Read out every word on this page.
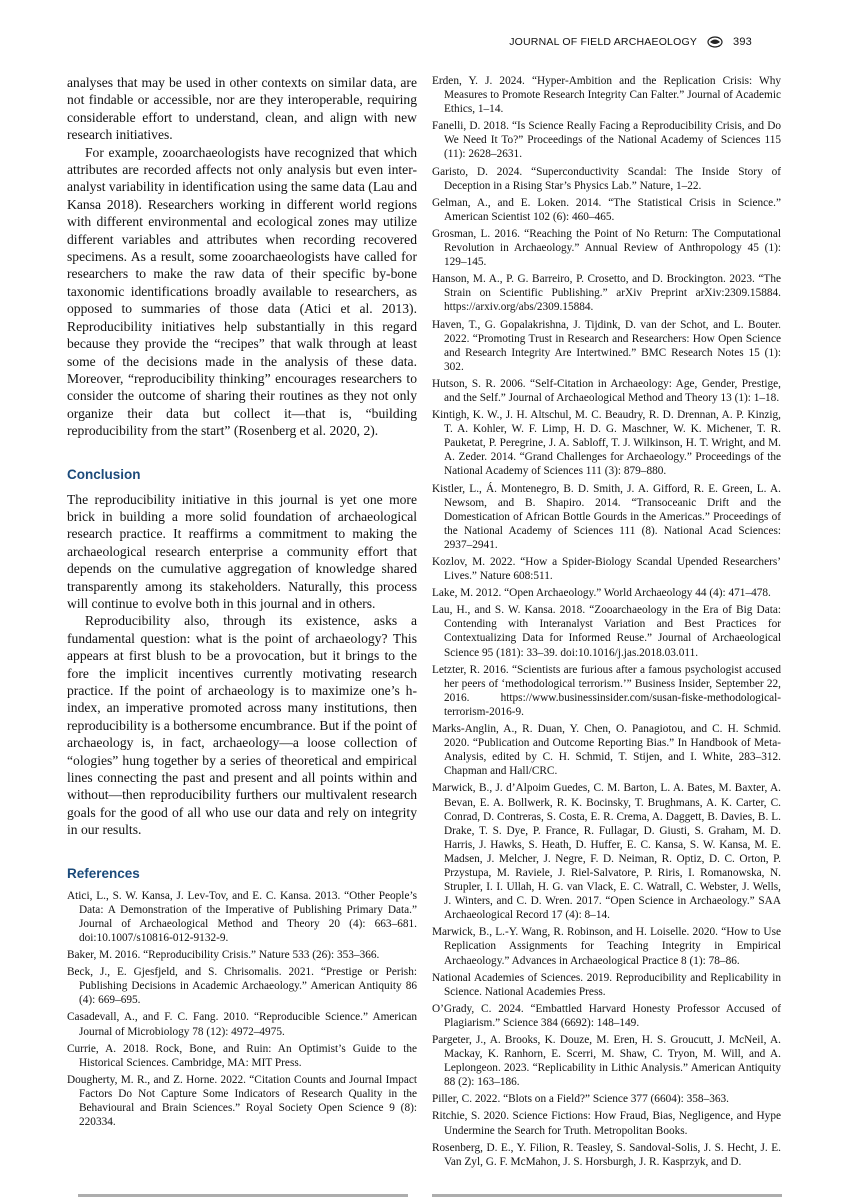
JOURNAL OF FIELD ARCHAEOLOGY	393

analyses that may be used in other contexts on similar data, are not findable or accessible, nor are they interoperable, requiring considerable effort to understand, clean, and align with new research initiatives.

For example, zooarchaeologists have recognized that which attributes are recorded affects not only analysis but even inter-analyst variability in identification using the same data (Lau and Kansa 2018). Researchers working in different world regions with different environmental and ecological zones may utilize different variables and attributes when recording recovered specimens. As a result, some zooarchaeologists have called for researchers to make the raw data of their specific by-bone taxonomic identifications broadly available to researchers, as opposed to summaries of those data (Atici et al. 2013). Reproducibility initiatives help substantially in this regard because they provide the “recipes” that walk through at least some of the decisions made in the analysis of these data. Moreover, “reproducibility thinking” encourages researchers to consider the outcome of sharing their routines as they not only organize their data but collect it—that is, “building reproducibility from the start” (Rosenberg et al. 2020, 2).

Conclusion

The reproducibility initiative in this journal is yet one more brick in building a more solid foundation of archaeological research practice. It reaffirms a commitment to making the archaeological research enterprise a community effort that depends on the cumulative aggregation of knowledge shared transparently among its stakeholders. Naturally, this process will continue to evolve both in this journal and in others.

Reproducibility also, through its existence, asks a fundamental question: what is the point of archaeology? This appears at first blush to be a provocation, but it brings to the fore the implicit incentives currently motivating research practice. If the point of archaeology is to maximize one’s h-index, an imperative promoted across many institutions, then reproducibility is a bothersome encumbrance. But if the point of archaeology is, in fact, archaeology—a loose collection of “ologies” hung together by a series of theoretical and empirical lines connecting the past and present and all points within and without—then reproducibility furthers our multivalent research goals for the good of all who use our data and rely on integrity in our results.

References

Atici, L., S. W. Kansa, J. Lev-Tov, and E. C. Kansa. 2013. “Other People’s Data: A Demonstration of the Imperative of Publishing Primary Data.” Journal of Archaeological Method and Theory 20 (4): 663–681. doi:10.1007/s10816-012-9132-9.

Baker, M. 2016. “Reproducibility Crisis.” Nature 533 (26): 353–366.

Beck, J., E. Gjesfjeld, and S. Chrisomalis. 2021. “Prestige or Perish: Publishing Decisions in Academic Archaeology.” American Antiquity 86 (4): 669–695.

Casadevall, A., and F. C. Fang. 2010. “Reproducible Science.” American Journal of Microbiology 78 (12): 4972–4975.

Currie, A. 2018. Rock, Bone, and Ruin: An Optimist’s Guide to the Historical Sciences. Cambridge, MA: MIT Press.

Dougherty, M. R., and Z. Horne. 2022. “Citation Counts and Journal Impact Factors Do Not Capture Some Indicators of Research Quality in the Behavioural and Brain Sciences.” Royal Society Open Science 9 (8): 220334.

Erden, Y. J. 2024. “Hyper-Ambition and the Replication Crisis: Why Measures to Promote Research Integrity Can Falter.” Journal of Academic Ethics, 1–14.

Fanelli, D. 2018. “Is Science Really Facing a Reproducibility Crisis, and Do We Need It To?” Proceedings of the National Academy of Sciences 115 (11): 2628–2631.

Garisto, D. 2024. “Superconductivity Scandal: The Inside Story of Deception in a Rising Star’s Physics Lab.” Nature, 1–22.

Gelman, A., and E. Loken. 2014. “The Statistical Crisis in Science.” American Scientist 102 (6): 460–465.

Grosman, L. 2016. “Reaching the Point of No Return: The Computational Revolution in Archaeology.” Annual Review of Anthropology 45 (1): 129–145.

Hanson, M. A., P. G. Barreiro, P. Crosetto, and D. Brockington. 2023. “The Strain on Scientific Publishing.” arXiv Preprint arXiv:2309.15884. https://arxiv.org/abs/2309.15884.

Haven, T., G. Gopalakrishna, J. Tijdink, D. van der Schot, and L. Bouter. 2022. “Promoting Trust in Research and Researchers: How Open Science and Research Integrity Are Intertwined.” BMC Research Notes 15 (1): 302.

Hutson, S. R. 2006. “Self-Citation in Archaeology: Age, Gender, Prestige, and the Self.” Journal of Archaeological Method and Theory 13 (1): 1–18.

Kintigh, K. W., J. H. Altschul, M. C. Beaudry, R. D. Drennan, A. P. Kinzig, T. A. Kohler, W. F. Limp, H. D. G. Maschner, W. K. Michener, T. R. Pauketat, P. Peregrine, J. A. Sabloff, T. J. Wilkinson, H. T. Wright, and M. A. Zeder. 2014. “Grand Challenges for Archaeology.” Proceedings of the National Academy of Sciences 111 (3): 879–880.

Kistler, L., Á. Montenegro, B. D. Smith, J. A. Gifford, R. E. Green, L. A. Newsom, and B. Shapiro. 2014. “Transoceanic Drift and the Domestication of African Bottle Gourds in the Americas.” Proceedings of the National Academy of Sciences 111 (8). National Acad Sciences: 2937–2941.

Kozlov, M. 2022. “How a Spider-Biology Scandal Upended Researchers’ Lives.” Nature 608:511.

Lake, M. 2012. “Open Archaeology.” World Archaeology 44 (4): 471–478.

Lau, H., and S. W. Kansa. 2018. “Zooarchaeology in the Era of Big Data: Contending with Interanalyst Variation and Best Practices for Contextualizing Data for Informed Reuse.” Journal of Archaeological Science 95 (181): 33–39. doi:10.1016/j.jas.2018.03.011.

Letzter, R. 2016. “Scientists are furious after a famous psychologist accused her peers of ‘methodological terrorism.’” Business Insider, September 22, 2016. https://www.businessinsider.com/susan-fiske-methodological-terrorism-2016-9.

Marks-Anglin, A., R. Duan, Y. Chen, O. Panagiotou, and C. H. Schmid. 2020. “Publication and Outcome Reporting Bias.” In Handbook of Meta-Analysis, edited by C. H. Schmid, T. Stijen, and I. White, 283–312. Chapman and Hall/CRC.

Marwick, B., J. d’Alpoim Guedes, C. M. Barton, L. A. Bates, M. Baxter, A. Bevan, E. A. Bollwerk, R. K. Bocinsky, T. Brughmans, A. K. Carter, C. Conrad, D. Contreras, S. Costa, E. R. Crema, A. Daggett, B. Davies, B. L. Drake, T. S. Dye, P. France, R. Fullagar, D. Giusti, S. Graham, M. D. Harris, J. Hawks, S. Heath, D. Huffer, E. C. Kansa, S. W. Kansa, M. E. Madsen, J. Melcher, J. Negre, F. D. Neiman, R. Optiz, D. C. Orton, P. Przystupa, M. Raviele, J. Riel-Salvatore, P. Riris, I. Romanowska, N. Strupler, I. I. Ullah, H. G. van Vlack, E. C. Watrall, C. Webster, J. Wells, J. Winters, and C. D. Wren. 2017. “Open Science in Archaeology.” SAA Archaeological Record 17 (4): 8–14.

Marwick, B., L.-Y. Wang, R. Robinson, and H. Loiselle. 2020. “How to Use Replication Assignments for Teaching Integrity in Empirical Archaeology.” Advances in Archaeological Practice 8 (1): 78–86.

National Academies of Sciences. 2019. Reproducibility and Replicability in Science. National Academies Press.

O’Grady, C. 2024. “Embattled Harvard Honesty Professor Accused of Plagiarism.” Science 384 (6692): 148–149.

Pargeter, J., A. Brooks, K. Douze, M. Eren, H. S. Groucutt, J. McNeil, A. Mackay, K. Ranhorn, E. Scerri, M. Shaw, C. Tryon, M. Will, and A. Leplongeon. 2023. “Replicability in Lithic Analysis.” American Antiquity 88 (2): 163–186.

Piller, C. 2022. “Blots on a Field?” Science 377 (6604): 358–363.

Ritchie, S. 2020. Science Fictions: How Fraud, Bias, Negligence, and Hype Undermine the Search for Truth. Metropolitan Books.

Rosenberg, D. E., Y. Filion, R. Teasley, S. Sandoval-Solis, J. S. Hecht, J. E. Van Zyl, G. F. McMahon, J. S. Horsburgh, J. R. Kasprzyk, and D.
